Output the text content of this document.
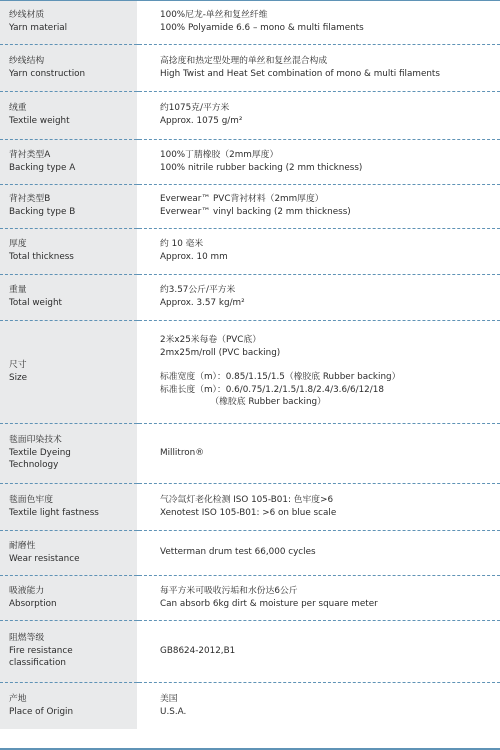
纱线材质
Yarn material		100%尼龙-单丝和复丝纤维
100% Polyamide 6.6 – mono & multi filaments

纱线结构
Yarn construction		高捻度和热定型处理的单丝和复丝混合构成
High Twist and Heat Set combination of mono & multi filaments

绒重
Textile weight		约1075克/平方米
Approx. 1075 g/m²

背衬类型A
Backing type A		100%丁腈橡胶（2mm厚度）
100% nitrile rubber backing (2 mm thickness)

背衬类型B
Backing type B		Everwear™ PVC背衬材料（2mm厚度）
Everwear™ vinyl backing (2 mm thickness)

厚度
Total thickness		约 10 毫米
Approx. 10 mm

重量
Total weight		约3.57公斤/平方米
Approx. 3.57 kg/m²

尺寸
Size		2米x25米每卷（PVC底）
2mx25m/roll (PVC backing)
标准宽度（m）：0.85/1.15/1.5（橡胶底 Rubber backing）
标准长度（m）：0.6/0.75/1.2/1.5/1.8/2.4/3.6/6/12/18
（橡胶底 Rubber backing）

毯面印染技术
Textile Dyeing
Technology		Millitron®

毯面色牢度
Textile light fastness		气冷氙灯老化检测 ISO 105-B01: 色牢度>6
Xenotest ISO 105-B01: >6 on blue scale

耐磨性
Wear resistance		Vetterman drum test 66,000 cycles

吸液能力
Absorption		每平方米可吸收污垢和水份达6公斤
Can absorb 6kg dirt & moisture per square meter

阻燃等级
Fire resistance
classification		GB8624-2012,B1

产地
Place of Origin		美国
U.S.A.
